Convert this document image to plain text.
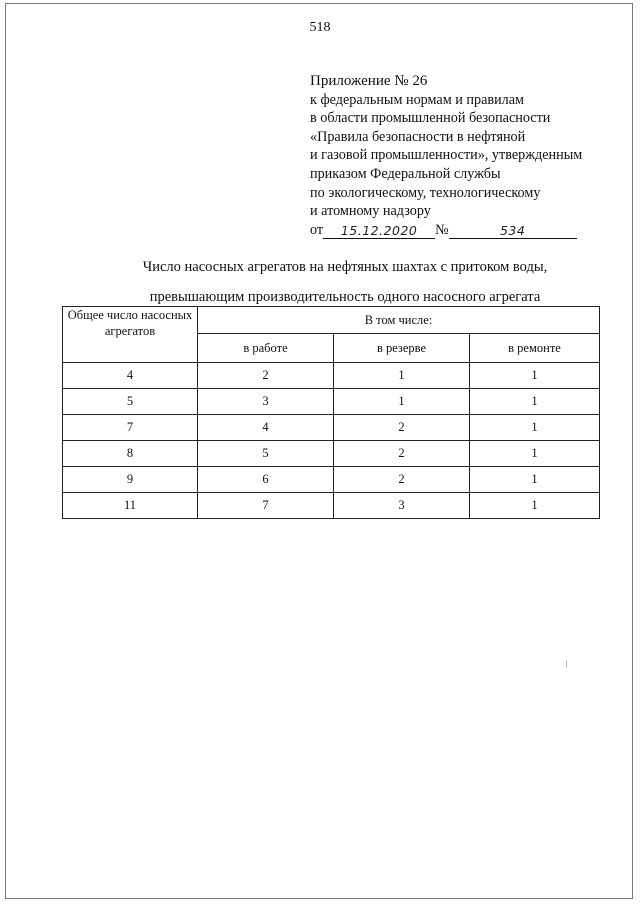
518
Приложение № 26
к федеральным нормам и правилам
в области промышленной безопасности
«Правила безопасности в нефтяной
и газовой промышленности», утвержденным
приказом Федеральной службы
по экологическому, технологическому
и атомному надзору
от 15.12.2020 №	534
Число насосных агрегатов на нефтяных шахтах с притоком воды,
превышающим производительность одного насосного агрегата
Общее число насосных агрегатов	В том числе:		
	в работе	в резерве	в ремонте
4	2	1	1
5	3	1	1
7	4	2	1
8	5	2	1
9	6	2	1
11	7	3	1
